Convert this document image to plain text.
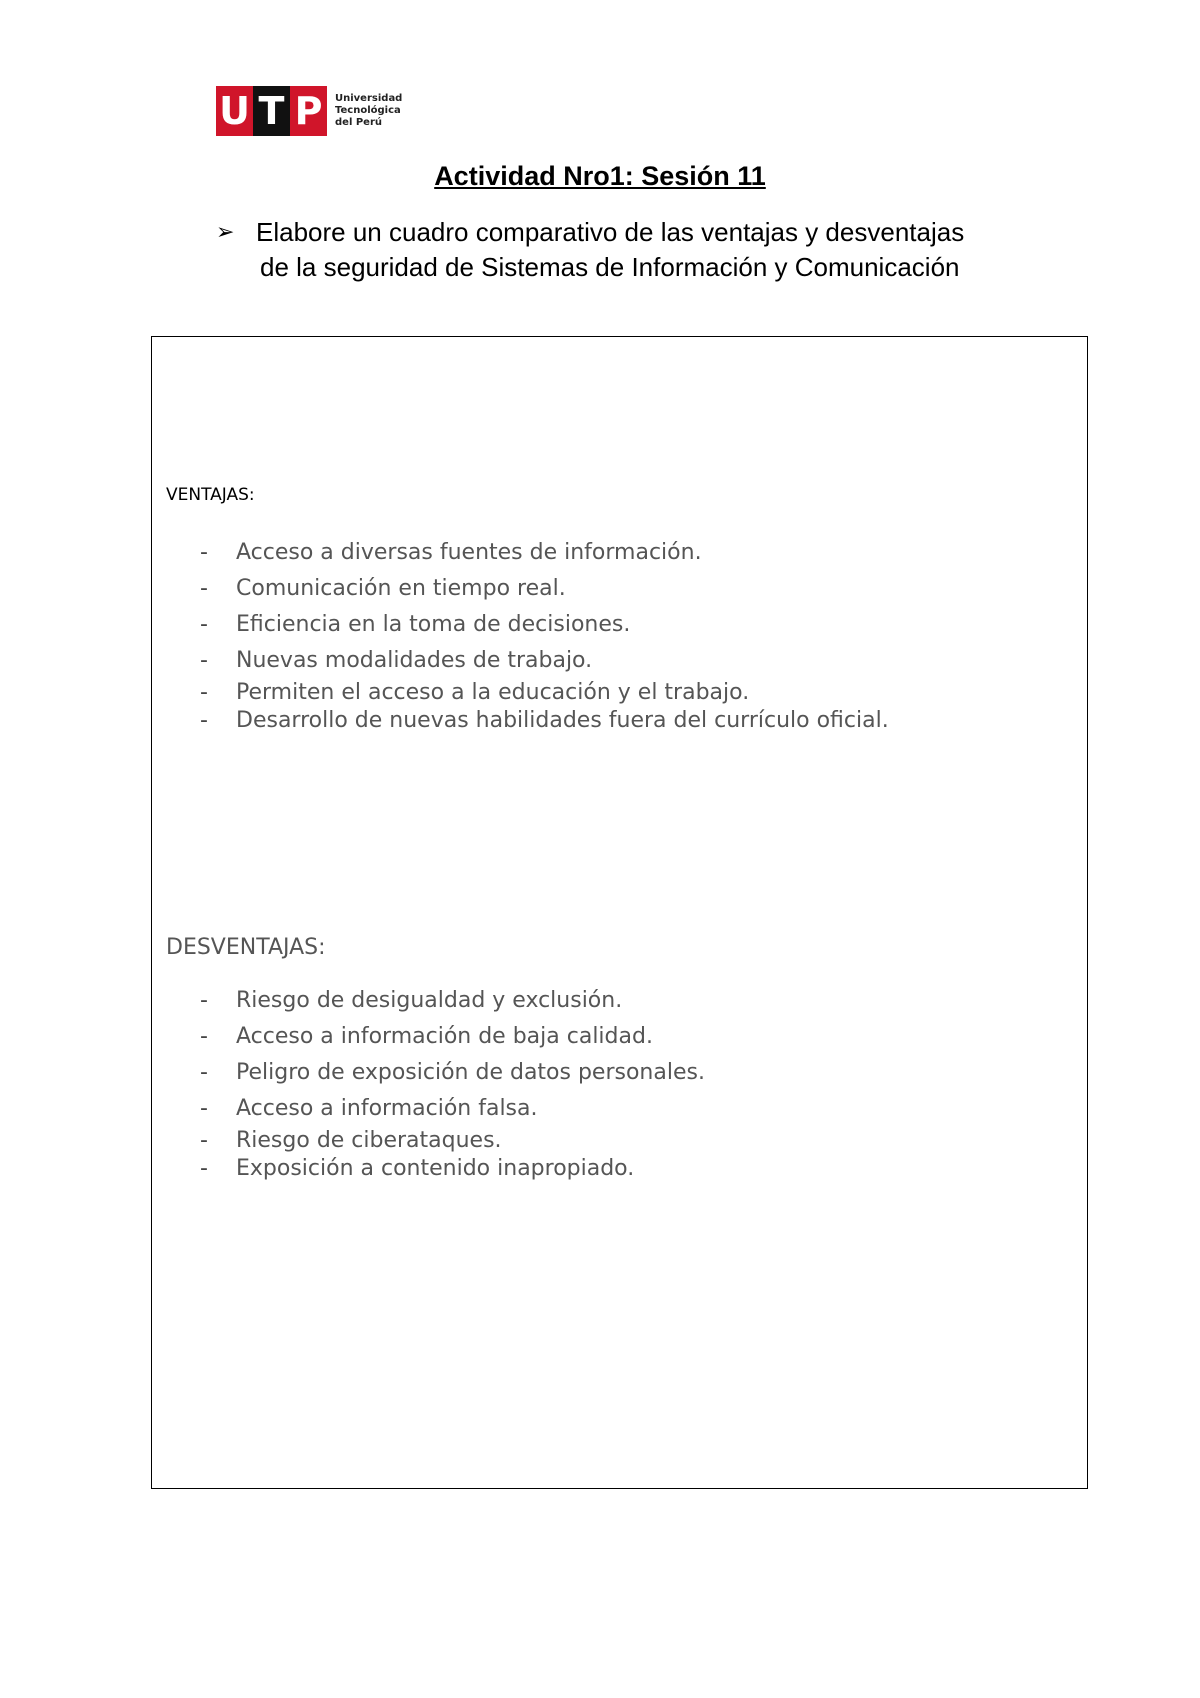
U T P	Universidad
Tecnológica
del Perú
Actividad Nro1: Sesión 11
➢ Elabore un cuadro comparativo de las ventajas y desventajas
de la seguridad de Sistemas de Información y Comunicación
VENTAJAS:
-	Acceso a diversas fuentes de información.
-	Comunicación en tiempo real.
-	Eficiencia en la toma de decisiones.
-	Nuevas modalidades de trabajo.
-	Permiten el acceso a la educación y el trabajo.
-	Desarrollo de nuevas habilidades fuera del currículo oficial.
DESVENTAJAS:
-	Riesgo de desigualdad y exclusión.
-	Acceso a información de baja calidad.
-	Peligro de exposición de datos personales.
-	Acceso a información falsa.
-	Riesgo de ciberataques.
-	Exposición a contenido inapropiado.
